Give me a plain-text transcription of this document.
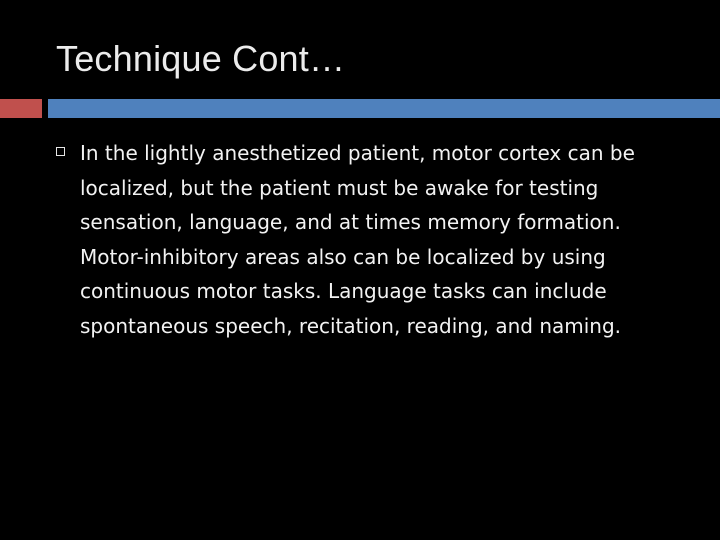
Technique Cont…
In the lightly anesthetized patient, motor cortex can be localized, but the patient must be awake for testing sensation, language, and at times memory formation. Motor-inhibitory areas also can be localized by using continuous motor tasks. Language tasks can include spontaneous speech, recitation, reading, and naming.
